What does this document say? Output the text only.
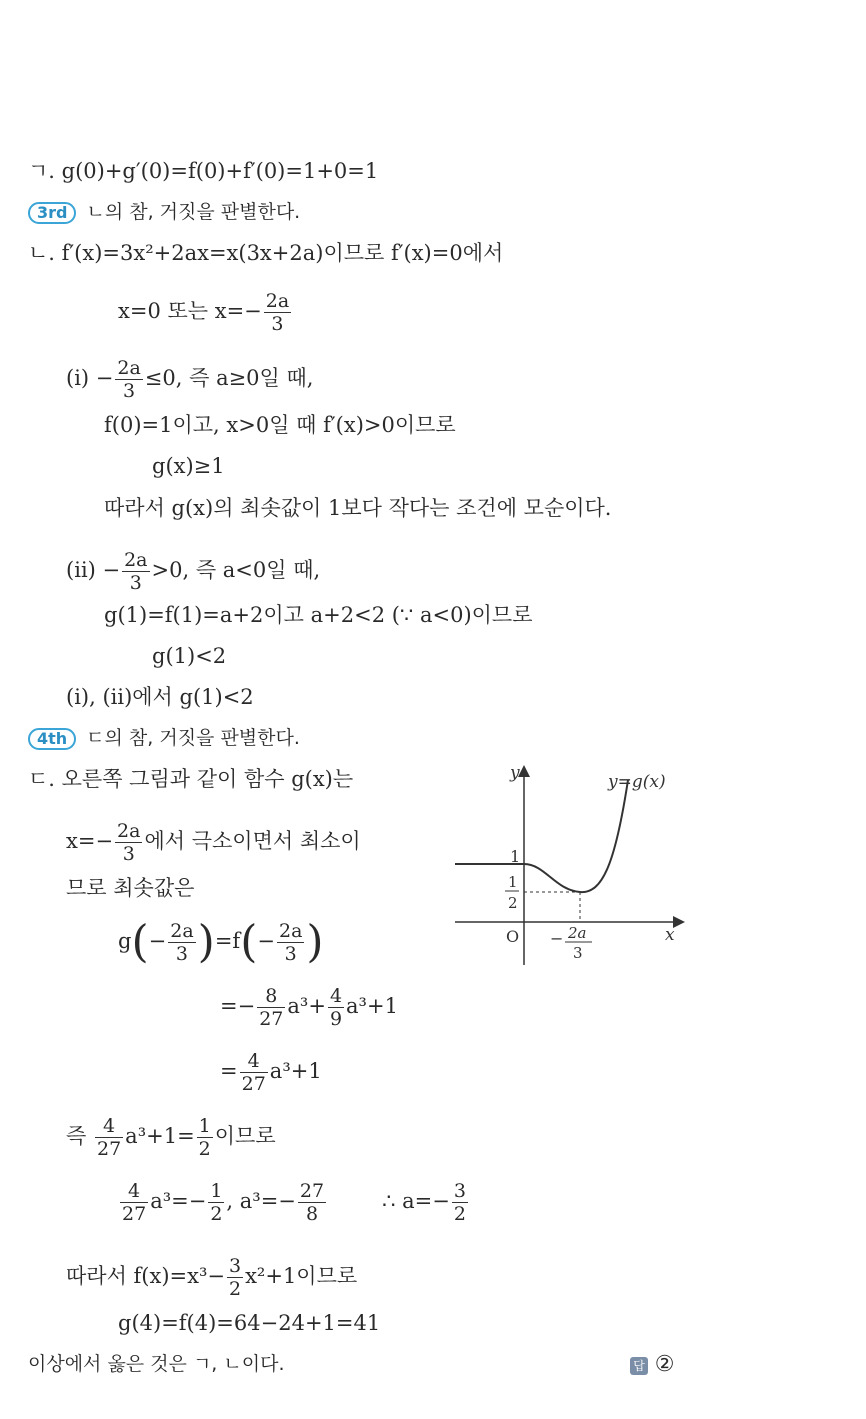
ㄱ. g(0)+g′(0)=f(0)+f′(0)=1+0=1
3rd ㄴ의 참, 거짓을 판별한다.
ㄴ. f′(x)=3x²+2ax=x(3x+2a)이므로 f′(x)=0에서
x=0 또는 $x=- \frac{2a}{3}$
(ⅰ) − $\frac{2a}{3} \le 0$, 즉 a≥0일 때,
f(0)=1이고, x>0일 때 f′(x)>0이므로
g(x)≥1
따라서 g(x)의 최솟값이 1보다 작다는 조건에 모순이다.
(ⅱ) − $\frac{2a}{3} >0$, 즉 a<0일 때,
g(1)=f(1)=a+2이고 a+2<2 (∵ a<0)이므로
g(1)<2
(ⅰ), (ⅱ)에서 g(1)<2
4th ㄷ의 참, 거짓을 판별한다.
ㄷ. 오른쪽 그림과 같이 함수 g(x)는
$x=- \frac{2a}{3}$ 에서 극소이면서 최소이
므로 최솟값은
$g(- \frac{2a}{3} )=f(- \frac{2a}{3}$ )
=− $\frac{8}{27} a^3+ \frac{4}{9} a^3+1$
= $\frac{4}{27} a^3+1$
즉 $\frac{4}{27} a^3+1= \frac{1}{2}$ 이므로
$\frac{4}{27} a^3=- \frac{1}{2}$ , $a^3=- \frac{27}{8}$	∴ $a=- \frac{3}{2}$
따라서 $f(x)=x^3- \frac{3}{2} x^2+1$이므로
g(4)=f(4)=64−24+1=41
이상에서 옳은 것은 ㄱ, ㄴ이다.	답 ②
y
x
O
y=g(x)
1
1
2
− 2a
3
